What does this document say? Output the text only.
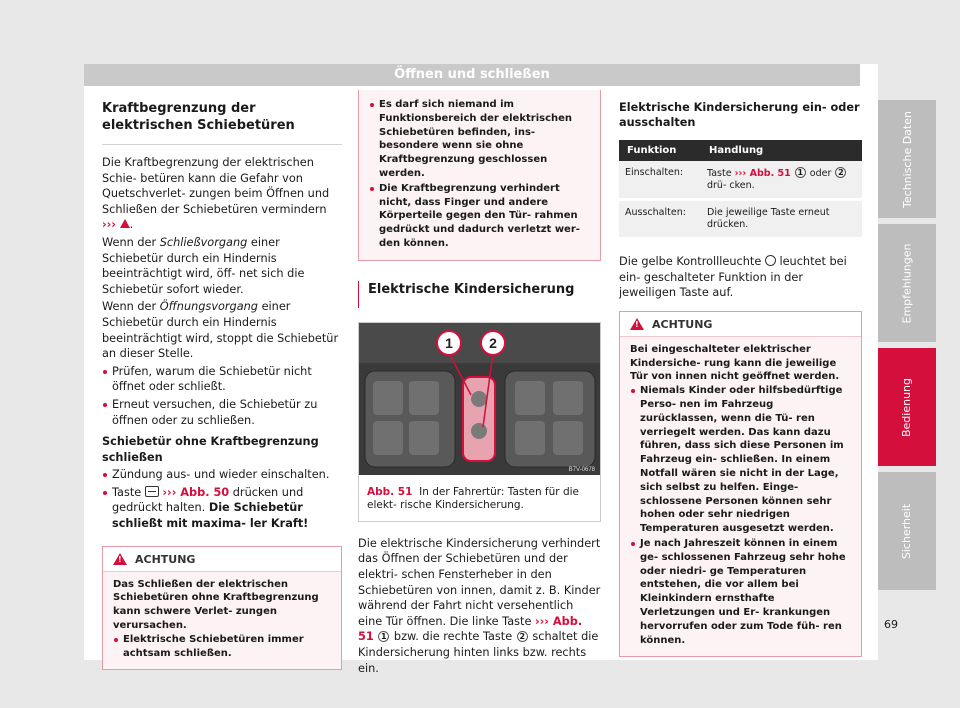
Öffnen und schließen
Kraftbegrenzung der elektrischen Schiebetüren

Die Kraftbegrenzung der elektrischen Schie- betüren kann die Gefahr von Quetschverlet- zungen beim Öffnen und Schließen der Schiebetüren vermindern ››› .

Wenn der Schließvorgang einer Schiebetür durch ein Hindernis beeinträchtigt wird, öff- net sich die Schiebetür sofort wieder.

Wenn der Öffnungsvorgang einer Schiebetür durch ein Hindernis beeinträchtigt wird, stoppt die Schiebetür an dieser Stelle.

Prüfen, warum die Schiebetür nicht öffnet oder schließt.
Erneut versuchen, die Schiebetür zu öffnen oder zu schließen.

Schiebetür ohne Kraftbegrenzung schließen

Zündung aus- und wieder einschalten.
Taste
››› Abb. 50 drücken und gedrückt halten. Die Schiebetür schließt mit maxima- ler Kraft!
! ACHTUNG
Das Schließen der elektrischen Schiebetüren ohne Kraftbegrenzung kann schwere Verlet- zungen verursachen.
Elektrische Schiebetüren immer achtsam schließen.
Es darf sich niemand im Funktionsbereich der elektrischen Schiebetüren befinden, ins- besondere wenn sie ohne Kraftbegrenzung geschlossen werden.
Die Kraftbegrenzung verhindert nicht, dass Finger und andere Körperteile gegen den Tür- rahmen gedrückt und dadurch verletzt wer- den können.
Elektrische Kindersicherung
1	2
B7V-0678
Abb. 51 In der Fahrertür: Tasten für die elekt- rische Kindersicherung.

Die elektrische Kindersicherung verhindert das Öffnen der Schiebetüren und der elektri- schen Fensterheber in den Schiebetüren von innen, damit z. B. Kinder während der Fahrt nicht versehentlich eine Tür öffnen. Die linke Taste ››› Abb. 51 1 bzw. die rechte Taste 2 schaltet die Kindersicherung hinten links bzw. rechts ein.

Elektrische Kindersicherung ein- oder ausschalten

Funktion	Handlung
Einschalten:	Taste ››› Abb. 51 1 oder 2 drü- cken.
Ausschalten:	Die jeweilige Taste erneut drücken.

Die gelbe Kontrollleuchte  leuchtet bei ein- geschalteter Funktion in der jeweiligen Taste auf.

! ACHTUNG
Bei eingeschalteter elektrischer Kindersiche- rung kann die jeweilige Tür von innen nicht geöffnet werden.
Niemals Kinder oder hilfsbedürftige Perso- nen im Fahrzeug zurücklassen, wenn die Tü- ren verriegelt werden. Das kann dazu führen, dass sich diese Personen im Fahrzeug ein- schließen. In einem Notfall wären sie nicht in der Lage, sich selbst zu helfen. Einge- schlossene Personen können sehr hohen oder sehr niedrigen Temperaturen ausgesetzt werden.
Je nach Jahreszeit können in einem ge- schlossenen Fahrzeug sehr hohe oder niedri- ge Temperaturen entstehen, die vor allem bei Kleinkindern ernsthafte Verletzungen und Er- krankungen hervorrufen oder zum Tode füh- ren können.
Technische Daten
Empfehlungen
Bedienung
Sicherheit
69
